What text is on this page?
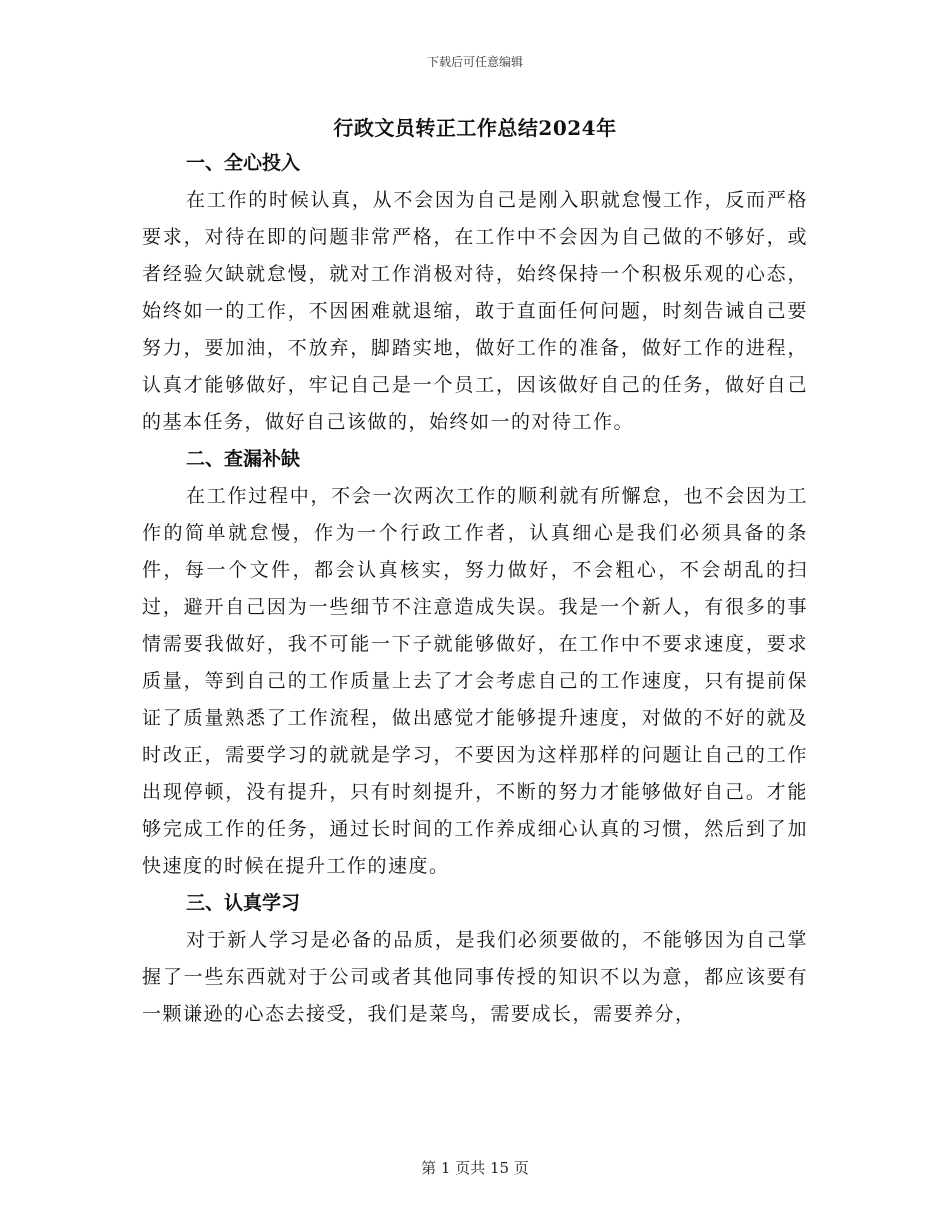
下载后可任意编辑
行政文员转正工作总结2024年
一、全心投入

在工作的时候认真，从不会因为自己是刚入职就怠慢工作，反而严格要求，对待在即的问题非常严格，在工作中不会因为自己做的不够好，或者经验欠缺就怠慢，就对工作消极对待，始终保持一个积极乐观的心态，始终如一的工作，不因困难就退缩，敢于直面任何问题，时刻告诫自己要努力，要加油，不放弃，脚踏实地，做好工作的准备，做好工作的进程，认真才能够做好，牢记自己是一个员工，因该做好自己的任务，做好自己的基本任务，做好自己该做的，始终如一的对待工作。

二、查漏补缺

在工作过程中，不会一次两次工作的顺利就有所懈怠，也不会因为工作的简单就怠慢，作为一个行政工作者，认真细心是我们必须具备的条件，每一个文件，都会认真核实，努力做好，不会粗心，不会胡乱的扫过，避开自己因为一些细节不注意造成失误。我是一个新人，有很多的事情需要我做好，我不可能一下子就能够做好，在工作中不要求速度，要求质量，等到自己的工作质量上去了才会考虑自己的工作速度，只有提前保证了质量熟悉了工作流程，做出感觉才能够提升速度，对做的不好的就及时改正，需要学习的就就是学习，不要因为这样那样的问题让自己的工作出现停顿，没有提升，只有时刻提升，不断的努力才能够做好自己。才能够完成工作的任务，通过长时间的工作养成细心认真的习惯，然后到了加快速度的时候在提升工作的速度。

三、认真学习

对于新人学习是必备的品质，是我们必须要做的，不能够因为自己掌握了一些东西就对于公司或者其他同事传授的知识不以为意，都应该要有一颗谦逊的心态去接受，我们是菜鸟，需要成长，需要养分，

第 1 页共 15 页
